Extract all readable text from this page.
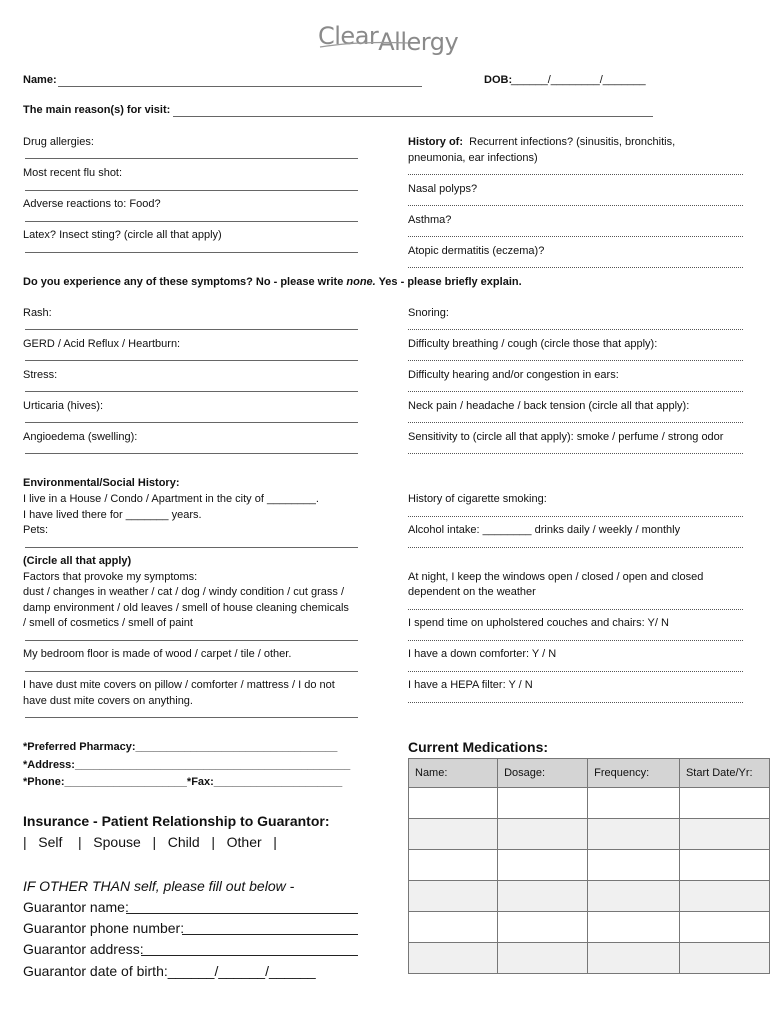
ClearAllergy
Name:	DOB:
______/________/_______
The main reason(s) for visit:
Drug allergies:
Most recent flu shot:
Adverse reactions to: Food?
Latex? Insect sting? (circle all that apply)
History of: Recurrent infections? (sinusitis, bronchitis,
pneumonia, ear infections)
Nasal polyps?
Asthma?
Atopic dermatitis (eczema)?
Do you experience any of these symptoms? No - please write none. Yes - please briefly explain.
Rash:
GERD / Acid Reflux / Heartburn:
Stress:
Urticaria (hives):
Angioedema (swelling):
Snoring:
Difficulty breathing / cough (circle those that apply):
Difficulty hearing and/or congestion in ears:
Neck pain / headache / back tension (circle all that apply):
Sensitivity to (circle all that apply): smoke / perfume / strong odor
Environmental/Social History:
I live in a House / Condo / Apartment in the city of ________.
I have lived there for _______ years.
Pets:
(Circle all that apply)
Factors that provoke my symptoms:
dust / changes in weather / cat / dog / windy condition / cut grass /
damp environment / old leaves / smell of house cleaning chemicals
/ smell of cosmetics / smell of paint
My bedroom floor is made of wood / carpet / tile / other.
I have dust mite covers on pillow / comforter / mattress / I do not
have dust mite covers on anything.
History of cigarette smoking:
Alcohol intake: ________ drinks daily / weekly / monthly
At night, I keep the windows open / closed / open and closed
dependent on the weather
I spend time on upholstered couches and chairs: Y/ N
I have a down comforter: Y / N
I have a HEPA filter: Y / N
*Preferred Pharmacy:_________________________________
*Address:_____________________________________________
*Phone:____________________*Fax:_____________________
Insurance - Patient Relationship to Guarantor:
|   Self    |   Spouse   |   Child   |   Other   |
IF OTHER THAN self, please fill out below -
Guarantor name:
Guarantor phone number:
Guarantor address:
Guarantor date of birth:______/______/______
Current Medications:
Name:	Dosage:	Frequency:	Start Date/Yr:
